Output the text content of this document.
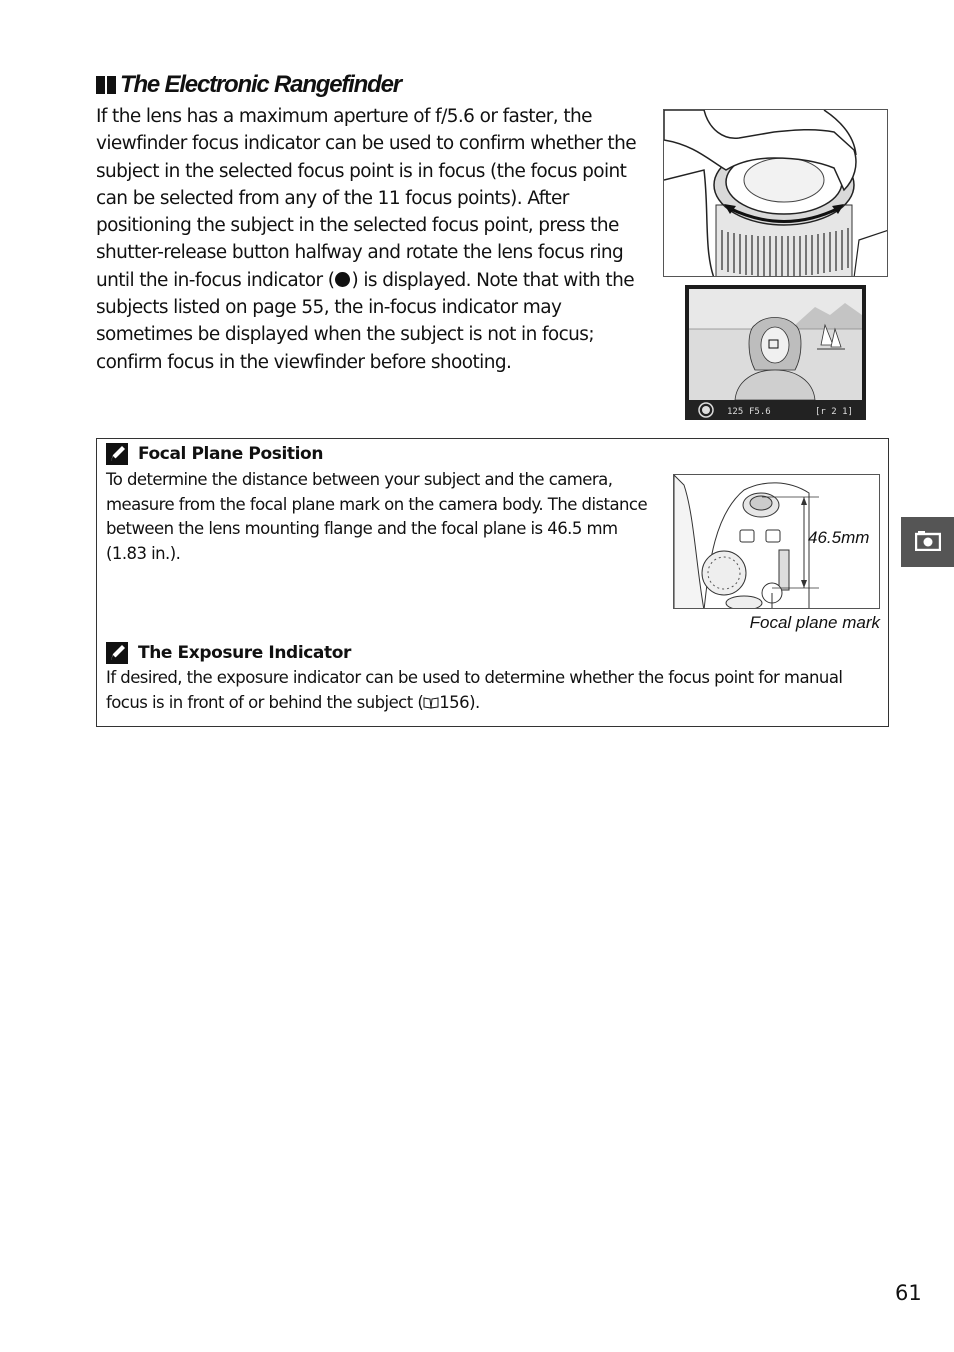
The Electronic Rangefinder

If the lens has a maximum aperture of f/5.6 or faster, the viewfinder focus indicator can be used to confirm whether the subject in the selected focus point is in focus (the focus point can be selected from any of the 11 focus points). After positioning the subject in the selected focus point, press the shutter-release button halfway and rotate the lens focus ring until the in-focus indicator ( ) is displayed. Note that with the subjects listed on page 55, the in-focus indicator may sometimes be displayed when the subject is not in focus; confirm focus in the viewfinder before shooting.

125 F5.6	[r 2 1]
Focal Plane Position

To determine the distance between your subject and the camera, measure from the focal plane mark on the camera body. The distance between the lens mounting flange and the focal plane is 46.5 mm (1.83 in.).

46.5mm
Focal plane mark
The Exposure Indicator

If desired, the exposure indicator can be used to determine whether the focus point for manual focus is in front of or behind the subject ( 156).

61
